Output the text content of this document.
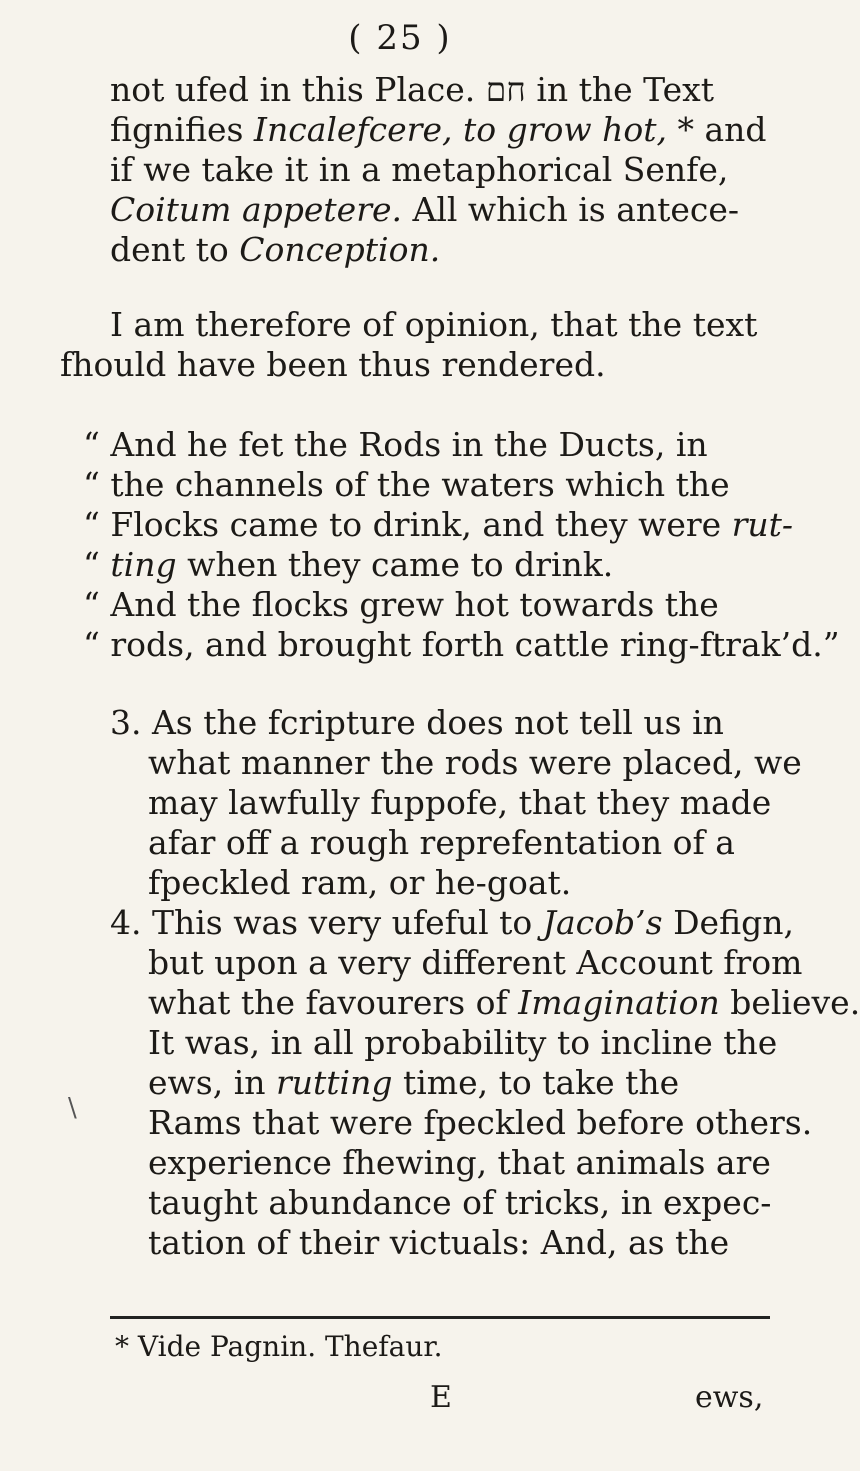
( 25 )
not ufed in this Place. חם in the Text
fignifies Incalefcere, to grow hot, * and
if we take it in a metaphorical Senfe,
Coitum appetere. All which is antece-
dent to Conception.
I am therefore of opinion, that the text
fhould have been thus rendered.
“ And he fet the Rods in the Ducts, in
“ the channels of the waters which the
“ Flocks came to drink, and they were rut-
“ ting when they came to drink.
“ And the flocks grew hot towards the
“ rods, and brought forth cattle ring-ftrak’d.”
3. As the fcripture does not tell us in
what manner the rods were placed, we
may lawfully fuppofe, that they made
afar off a rough reprefentation of a
fpeckled ram, or he-goat.
4. This was very ufeful to Jacob’s Defign,
but upon a very different Account from
what the favourers of Imagination believe.
It was, in all probability to incline the
ews, in rutting time, to take the
Rams that were fpeckled before others.
experience fhewing, that animals are
taught abundance of tricks, in expec-
tation of their victuals: And, as the
\
* Vide Pagnin. Thefaur.
E	ews,
